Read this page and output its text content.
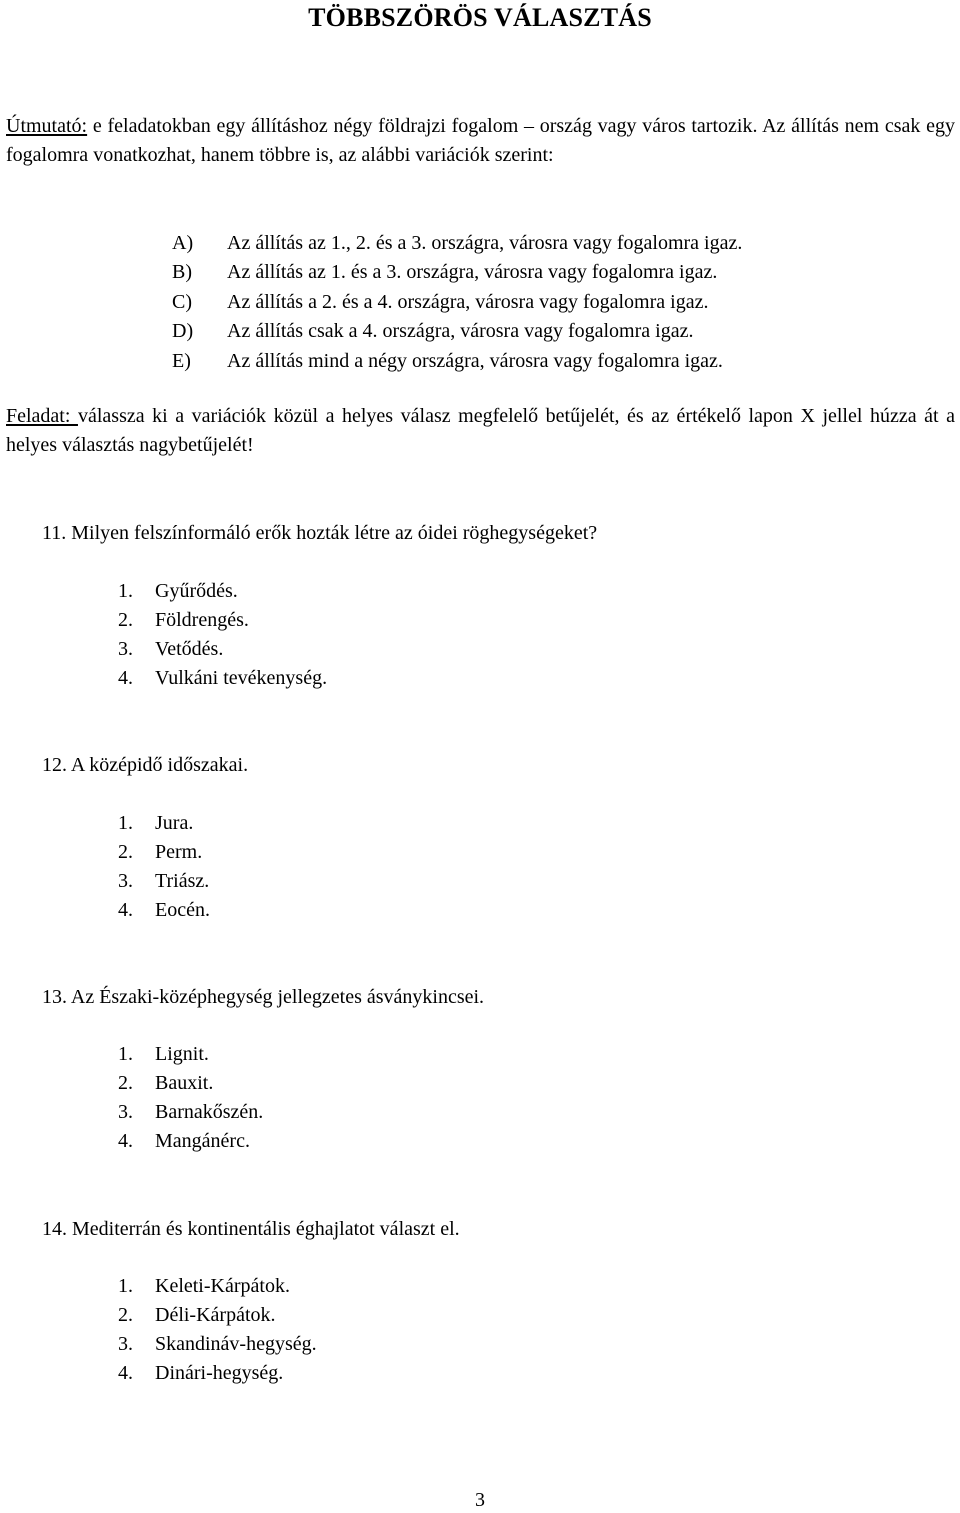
TÖBBSZÖRÖS VÁLASZTÁS
Útmutató: e feladatokban egy állításhoz négy földrajzi fogalom – ország vagy város tartozik. Az állítás nem csak egy fogalomra vonatkozhat, hanem többre is, az alábbi variációk szerint:
A)	Az állítás az 1., 2. és a 3. országra, városra vagy fogalomra igaz.
B)	Az állítás az 1. és a 3. országra, városra vagy fogalomra igaz.
C)	Az állítás a 2. és a 4. országra, városra vagy fogalomra igaz.
D)	Az állítás csak a 4. országra, városra vagy fogalomra igaz.
E)	Az állítás mind a négy országra, városra vagy fogalomra igaz.
Feladat: válassza ki a variációk közül a helyes válasz megfelelő betűjelét, és az értékelő lapon X jellel húzza át a helyes választás nagybetűjelét!
11. Milyen felszínformáló erők hozták létre az óidei röghegységeket?
1.	Gyűrődés.
2.	Földrengés.
3.	Vetődés.
4.	Vulkáni tevékenység.
12. A középidő időszakai.
1.	Jura.
2.	Perm.
3.	Triász.
4.	Eocén.
13. Az Északi-középhegység jellegzetes ásványkincsei.
1.	Lignit.
2.	Bauxit.
3.	Barnakőszén.
4.	Mangánérc.
14. Mediterrán és kontinentális éghajlatot választ el.
1.	Keleti-Kárpátok.
2.	Déli-Kárpátok.
3.	Skandináv-hegység.
4.	Dinári-hegység.
3
